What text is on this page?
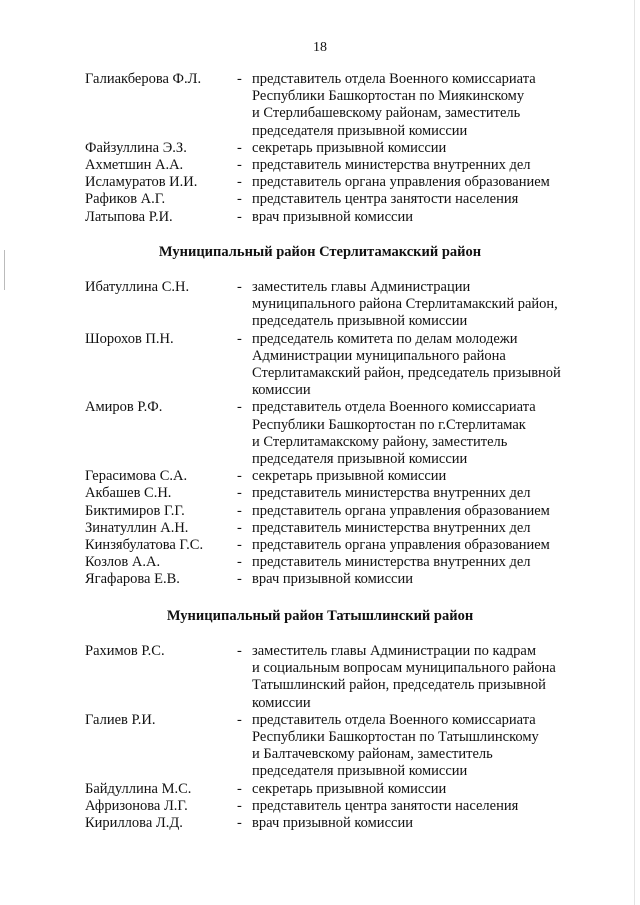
18
Галиакберова Ф.Л. - представитель отдела Военного комиссариата
Республики Башкортостан по Миякинскому
и Стерлибашевскому районам, заместитель
председателя призывной комиссии
Файзуллина Э.З.	- секретарь призывной комиссии
Ахметшин А.А.	- представитель министерства внутренних дел
Исламуратов И.И.	- представитель органа управления образованием
Рафиков А.Г.	- представитель центра занятости населения
Латыпова Р.И.	- врач призывной комиссии
Муниципальный район Стерлитамакский район
Ибатуллина С.Н.	- заместитель главы Администрации
муниципального района Стерлитамакский район,
председатель призывной комиссии
Шорохов П.Н.	- председатель комитета по делам молодежи
Администрации муниципального района
Стерлитамакский район, председатель призывной
комиссии
Амиров Р.Ф.	- представитель отдела Военного комиссариата
Республики Башкортостан по г.Стерлитамак
и Стерлитамакскому району, заместитель
председателя призывной комиссии
Герасимова С.А.	- секретарь призывной комиссии
Акбашев С.Н.	- представитель министерства внутренних дел
Биктимиров Г.Г.	- представитель органа управления образованием
Зинатуллин А.Н.	- представитель министерства внутренних дел
Кинзябулатова Г.С. - представитель органа управления образованием
Козлов А.А.	- представитель министерства внутренних дел
Ягафарова Е.В.	- врач призывной комиссии
Муниципальный район Татышлинский район
Рахимов Р.С.	- заместитель главы Администрации по кадрам
и социальным вопросам муниципального района
Татышлинский район, председатель призывной
комиссии
Галиев Р.И.	- представитель отдела Военного комиссариата
Республики Башкортостан по Татышлинскому
и Балтачевскому районам, заместитель
председателя призывной комиссии
Байдуллина М.С.	- секретарь призывной комиссии
Афризонова Л.Г.	- представитель центра занятости населения
Кириллова Л.Д.	- врач призывной комиссии
